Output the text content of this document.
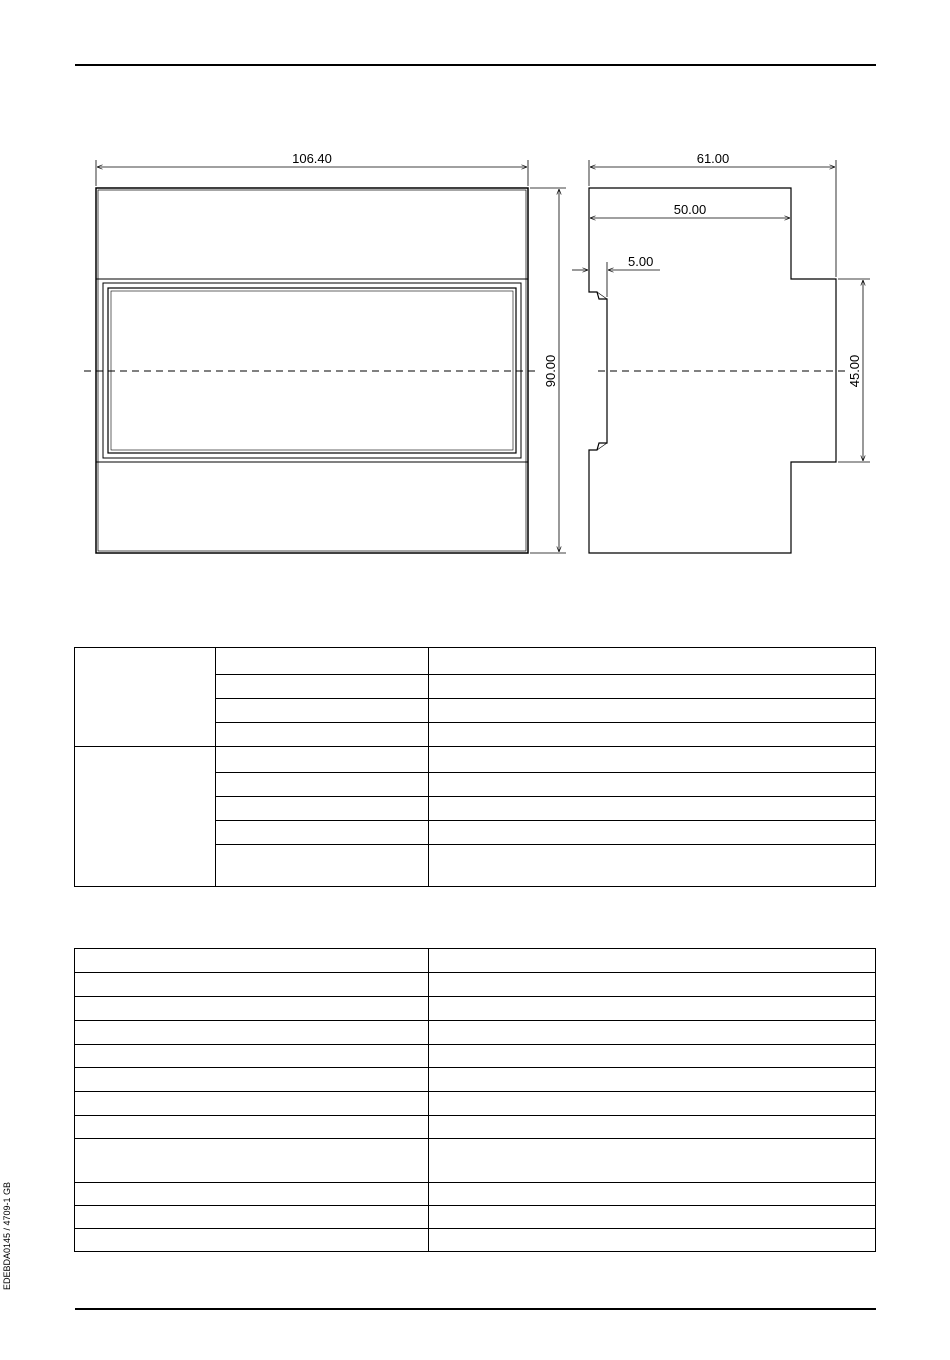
106.40
90.00
61.00
50.00
5.00
45.00

EDEBDA0145 / 4709-1 GB
